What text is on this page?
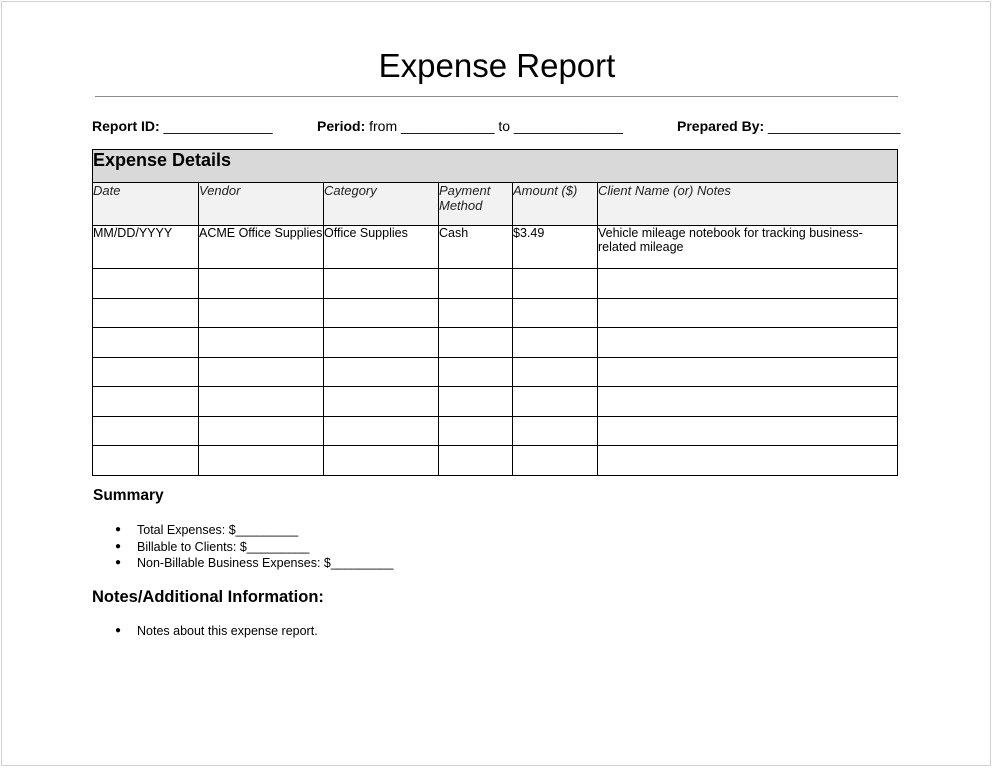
Expense Report
Report ID: ______________	Period: from ____________ to ______________	Prepared By: _________________
Expense Details					
Date	Vendor	Category	Payment Method	Amount ($)	Client Name (or) Notes
MM/DD/YYYY	ACME Office Supplies	Office Supplies	Cash	$3.49	Vehicle mileage notebook for tracking business-related mileage

Summary
● Total Expenses: $_________
● Billable to Clients: $_________
● Non-Billable Business Expenses: $_________
Notes/Additional Information:
● Notes about this expense report.
